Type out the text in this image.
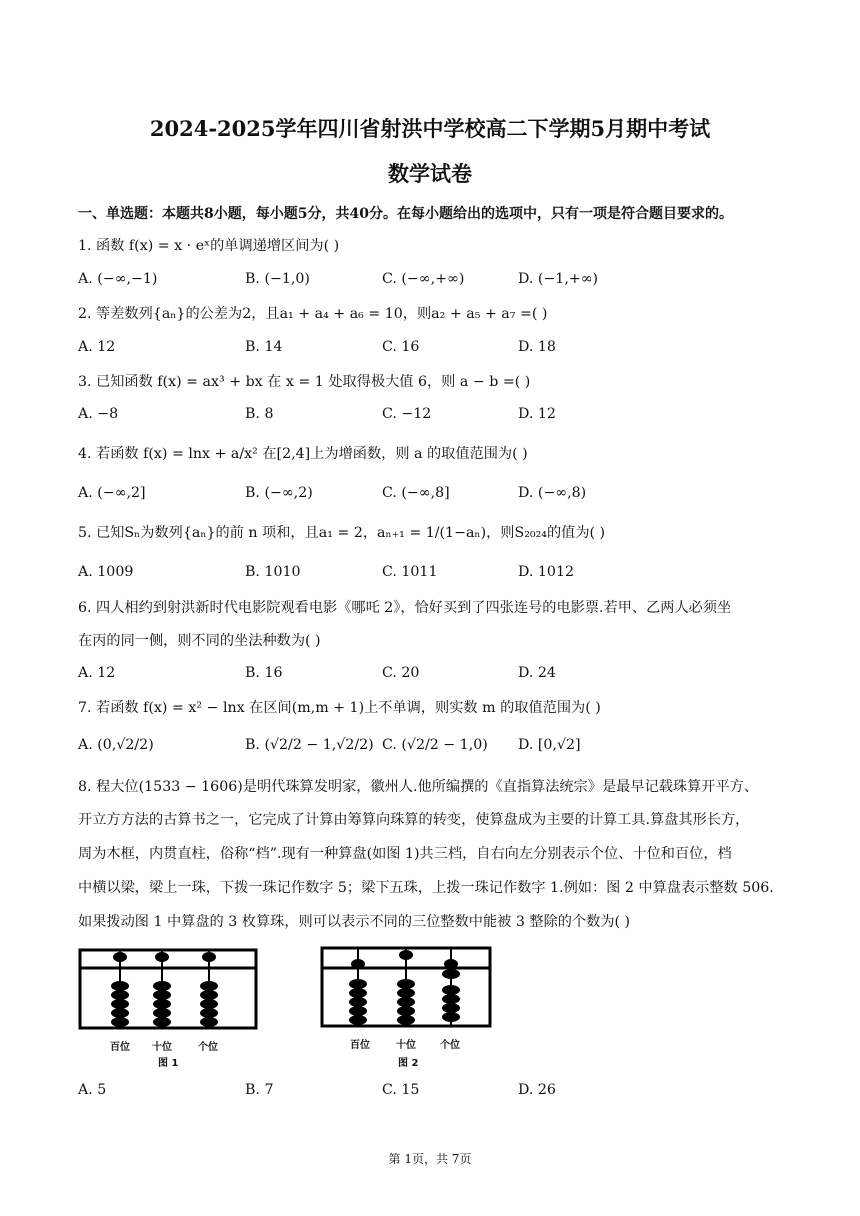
2024-2025学年四川省射洪中学校高二下学期5月期中考试
数学试卷
一、单选题：本题共8小题，每小题5分，共40分。在每小题给出的选项中，只有一项是符合题目要求的。
1. 函数 f(x) = x · eˣ的单调递增区间为( )
A. (−∞,−1)	B. (−1,0)	C. (−∞,+∞)	D. (−1,+∞)
2. 等差数列{aₙ}的公差为2，且a₁ + a₄ + a₆ = 10，则a₂ + a₅ + a₇ =( )
A. 12	B. 14	C. 16	D. 18
3. 已知函数 f(x) = ax³ + bx 在 x = 1 处取得极大值 6，则 a − b =( )
A. −8	B. 8	C. −12	D. 12
4. 若函数 f(x) = lnx + a/x² 在[2,4]上为增函数，则 a 的取值范围为( )
A. (−∞,2]	B. (−∞,2)	C. (−∞,8]	D. (−∞,8)
5. 已知Sₙ为数列{aₙ}的前 n 项和，且a₁ = 2，aₙ₊₁ = 1/(1−aₙ)，则S₂₀₂₄的值为( )
A. 1009	B. 1010	C. 1011	D. 1012
6. 四人相约到射洪新时代电影院观看电影《哪吒 2》，恰好买到了四张连号的电影票.若甲、乙两人必须坐
在丙的同一侧，则不同的坐法种数为( )
A. 12	B. 16	C. 20	D. 24
7. 若函数 f(x) = x² − lnx 在区间(m,m + 1)上不单调，则实数 m 的取值范围为( )
A. (0,√2/2)	B. (√2/2 − 1,√2/2) C. (√2/2 − 1,0) D. [0,√2]
8. 程大位(1533 − 1606)是明代珠算发明家，徽州人.他所编撰的《直指算法统宗》是最早记载珠算开平方、
开立方方法的古算书之一，它完成了计算由筹算向珠算的转变，使算盘成为主要的计算工具.算盘其形长方，
周为木框，内贯直柱，俗称“档”.现有一种算盘(如图 1)共三档，自右向左分别表示个位、十位和百位，档
中横以梁，梁上一珠，下拨一珠记作数字 5；梁下五珠，上拨一珠记作数字 1.例如：图 2 中算盘表示整数 506.
如果拨动图 1 中算盘的 3 枚算珠，则可以表示不同的三位整数中能被 3 整除的个数为( )
百位 十位	个位
图 1
百位	十位 个位
图 2
A. 5	B. 7	C. 15	D. 26
第 1页，共 7页
